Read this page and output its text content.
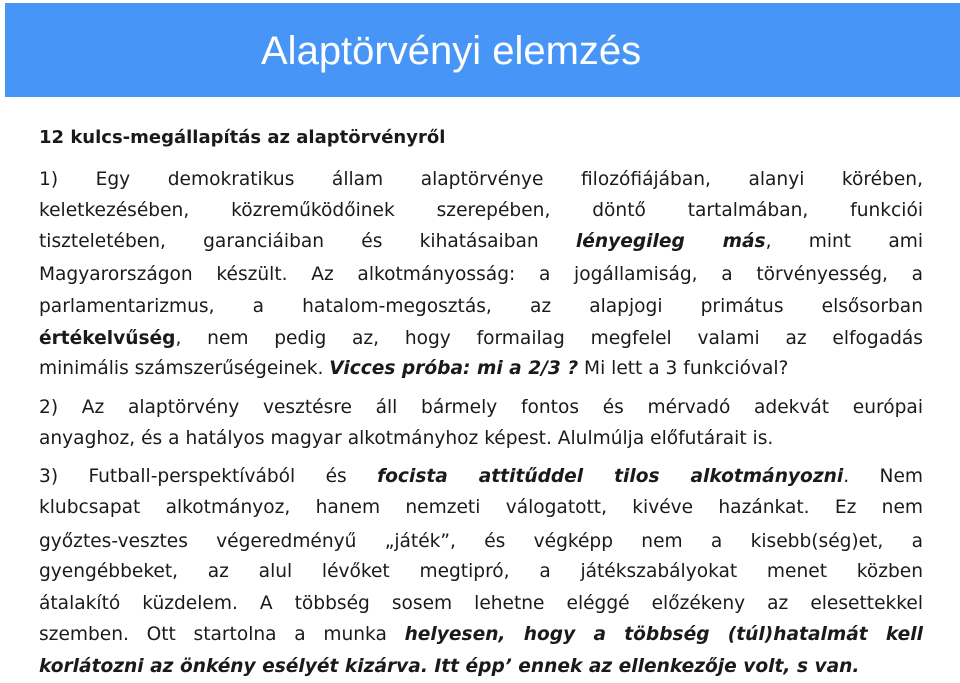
Alaptörvényi elemzés
12 kulcs-megállapítás az alaptörvényről
1) Egy demokratikus állam alaptörvénye filozófiájában, alanyi körében,
keletkezésében, közreműködőinek szerepében, döntő tartalmában, funkciói
tiszteletében, garanciáiban és kihatásaiban lényegileg más, mint ami
Magyarországon készült. Az alkotmányosság: a jogállamiság, a törvényesség, a
parlamentarizmus, a hatalom-megosztás, az alapjogi primátus elsősorban
értékelvűség, nem pedig az, hogy formailag megfelel valami az elfogadás
minimális számszerűségeinek. Vicces próba: mi a 2/3 ? Mi lett a 3 funkcióval?
2) Az alaptörvény vesztésre áll bármely fontos és mérvadó adekvát európai
anyaghoz, és a hatályos magyar alkotmányhoz képest. Alulmúlja előfutárait is.
3) Futball-perspektívából és focista attitűddel tilos alkotmányozni. Nem
klubcsapat alkotmányoz, hanem nemzeti válogatott, kivéve hazánkat. Ez nem
győztes-vesztes végeredményű „játék”, és végképp nem a kisebb(ség)et, a
gyengébbeket, az alul lévőket megtipró, a játékszabályokat menet közben
átalakító küzdelem. A többség sosem lehetne eléggé előzékeny az elesettekkel
szemben. Ott startolna a munka helyesen, hogy a többség (túl)hatalmát kell
korlátozni az önkény esélyét kizárva. Itt épp’ ennek az ellenkezője volt, s van.
